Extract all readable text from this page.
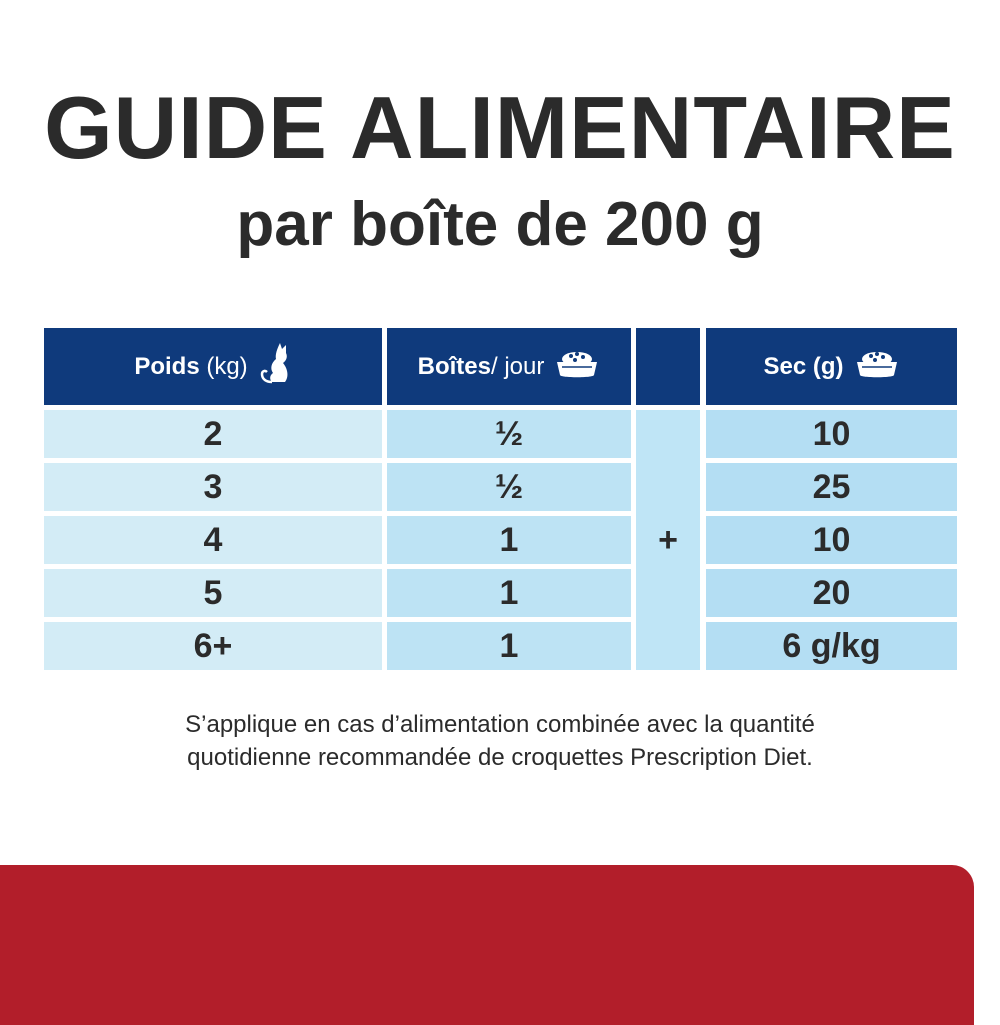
GUIDE ALIMENTAIRE
par boîte de 200 g
Poids (kg)	Boîtes / jour	Sec (g)
2	½	10
3	½	25
4	1	10
5	1	20
6+	1	6 g/kg
+
S’applique en cas d’alimentation combinée avec la quantité
quotidienne recommandée de croquettes Prescription Diet.
